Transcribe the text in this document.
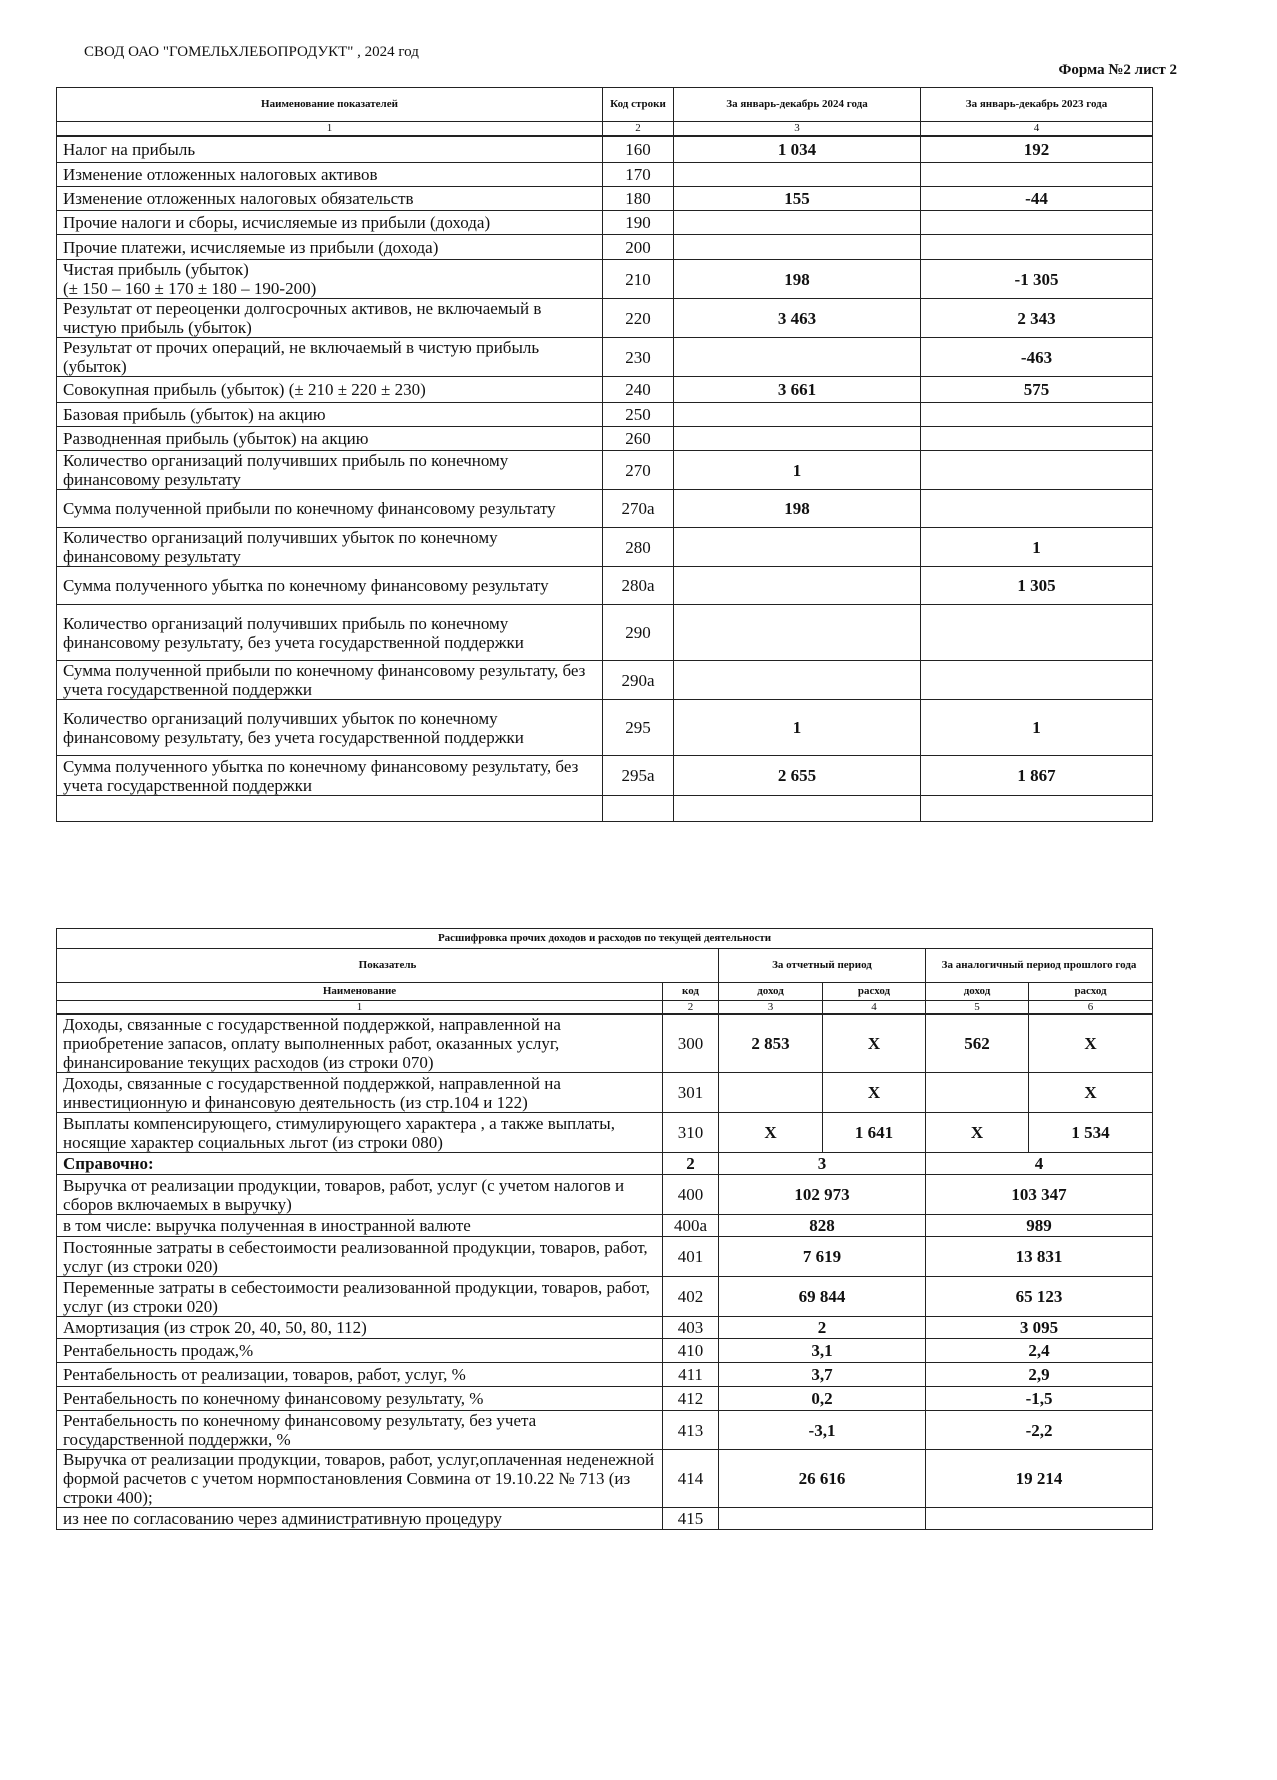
СВОД ОАО "ГОМЕЛЬХЛЕБОПРОДУКТ" , 2024 год
Форма №2 лист 2
Наименование показателей	Код строки	За январь-декабрь 2024 года	За январь-декабрь 2023 года
1	2	3	4
Налог на прибыль	160	1 034	192
Изменение отложенных налоговых активов	170		
Изменение отложенных налоговых обязательств	180	155	-44
Прочие налоги и сборы, исчисляемые из прибыли (дохода)	190		
Прочие платежи, исчисляемые из прибыли (дохода)	200		
Чистая прибыль (убыток)
(± 150 – 160 ± 170 ± 180 – 190-200)	210	198	-1 305
Результат от переоценки долгосрочных активов, не включаемый в чистую прибыль (убыток)	220	3 463	2 343
Результат от прочих операций, не включаемый в чистую прибыль (убыток)	230		-463
Совокупная прибыль (убыток) (± 210 ± 220 ± 230)	240	3 661	575
Базовая прибыль (убыток) на акцию	250		
Разводненная прибыль (убыток) на акцию	260		
Количество организаций получивших прибыль по конечному финансовому результату	270	1	
Сумма полученной прибыли по конечному финансовому результату	270а	198	
Количество организаций получивших убыток по конечному финансовому результату	280		1
Сумма полученного убытка по конечному финансовому результату	280а		1 305
Количество организаций получивших прибыль по конечному финансовому результату, без учета государственной поддержки	290		
Сумма полученной прибыли по конечному финансовому результату, без учета государственной поддержки	290а		
Количество организаций получивших убыток по конечному финансовому результату, без учета государственной поддержки	295	1	1
Сумма полученного убытка по конечному финансовому результату, без учета государственной поддержки	295а	2 655	1 867

Расшифровка прочих доходов и расходов по текущей деятельности					
Показатель		За отчетный период		За аналогичный период прошлого года	
Наименование	код	доход	расход	доход	расход
1	2	3	4	5	6
Доходы, связанные с государственной поддержкой, направленной на приобретение запасов, оплату выполненных работ, оказанных услуг, финансирование текущих расходов (из строки 070)	300	2 853	X	562	X
Доходы, связанные с государственной поддержкой, направленной на инвестиционную и финансовую деятельность (из стр.104 и 122)	301		X		X
Выплаты компенсирующего, стимулирующего характера , а также выплаты, носящие характер социальных льгот (из строки 080)	310	X	1 641	X	1 534
Справочно:	2	3		4	
Выручка от реализации продукции, товаров, работ, услуг (с учетом налогов и сборов включаемых в выручку)	400	102 973		103 347	
в том числе: выручка полученная в иностранной валюте	400а	828		989	
Постоянные затраты в себестоимости реализованной продукции, товаров, работ, услуг (из строки 020)	401	7 619		13 831	
Переменные затраты в себестоимости реализованной продукции, товаров, работ, услуг (из строки 020)	402	69 844		65 123	
Амортизация (из строк 20, 40, 50, 80, 112)	403	2		3 095	
Рентабельность продаж,%	410	3,1		2,4	
Рентабельность от реализации, товаров, работ, услуг, %	411	3,7		2,9	
Рентабельность по конечному финансовому результату, %	412	0,2		-1,5	
Рентабельность по конечному финансовому результату, без учета государственной поддержки, %	413	-3,1		-2,2	
Выручка от реализации продукции, товаров, работ, услуг,оплаченная неденежной формой расчетов с учетом нормпостановления Совмина от 19.10.22 № 713 (из строки 400);	414	26 616		19 214	
из нее по согласованию через административную процедуру	415				
